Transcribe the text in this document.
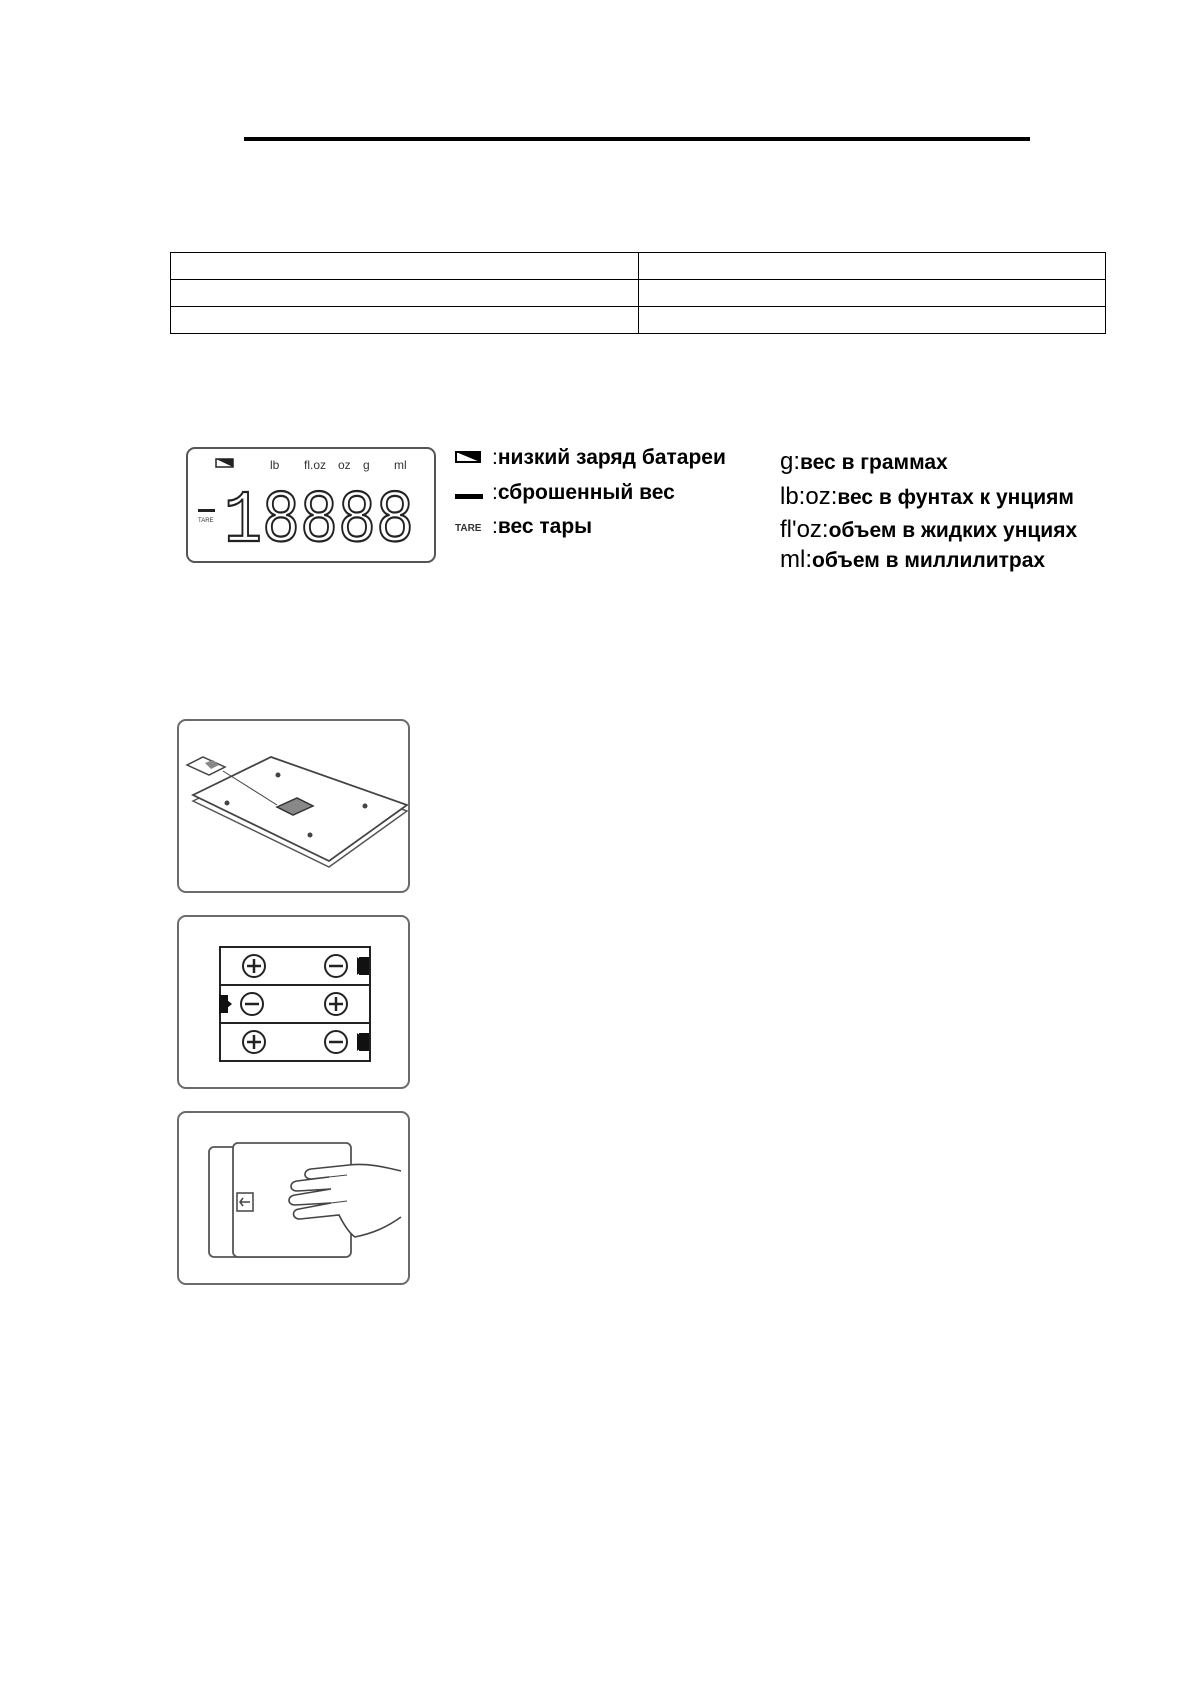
lb fl.oz oz g ml
TARE 18888
:низкий заряд батареи
:сброшенный вес
TARE :вес тары
g:вес в граммах
lb:oz:вес в фунтах к унциям
fl'oz:объем в жидких унциях
ml:объем в миллилитрах
